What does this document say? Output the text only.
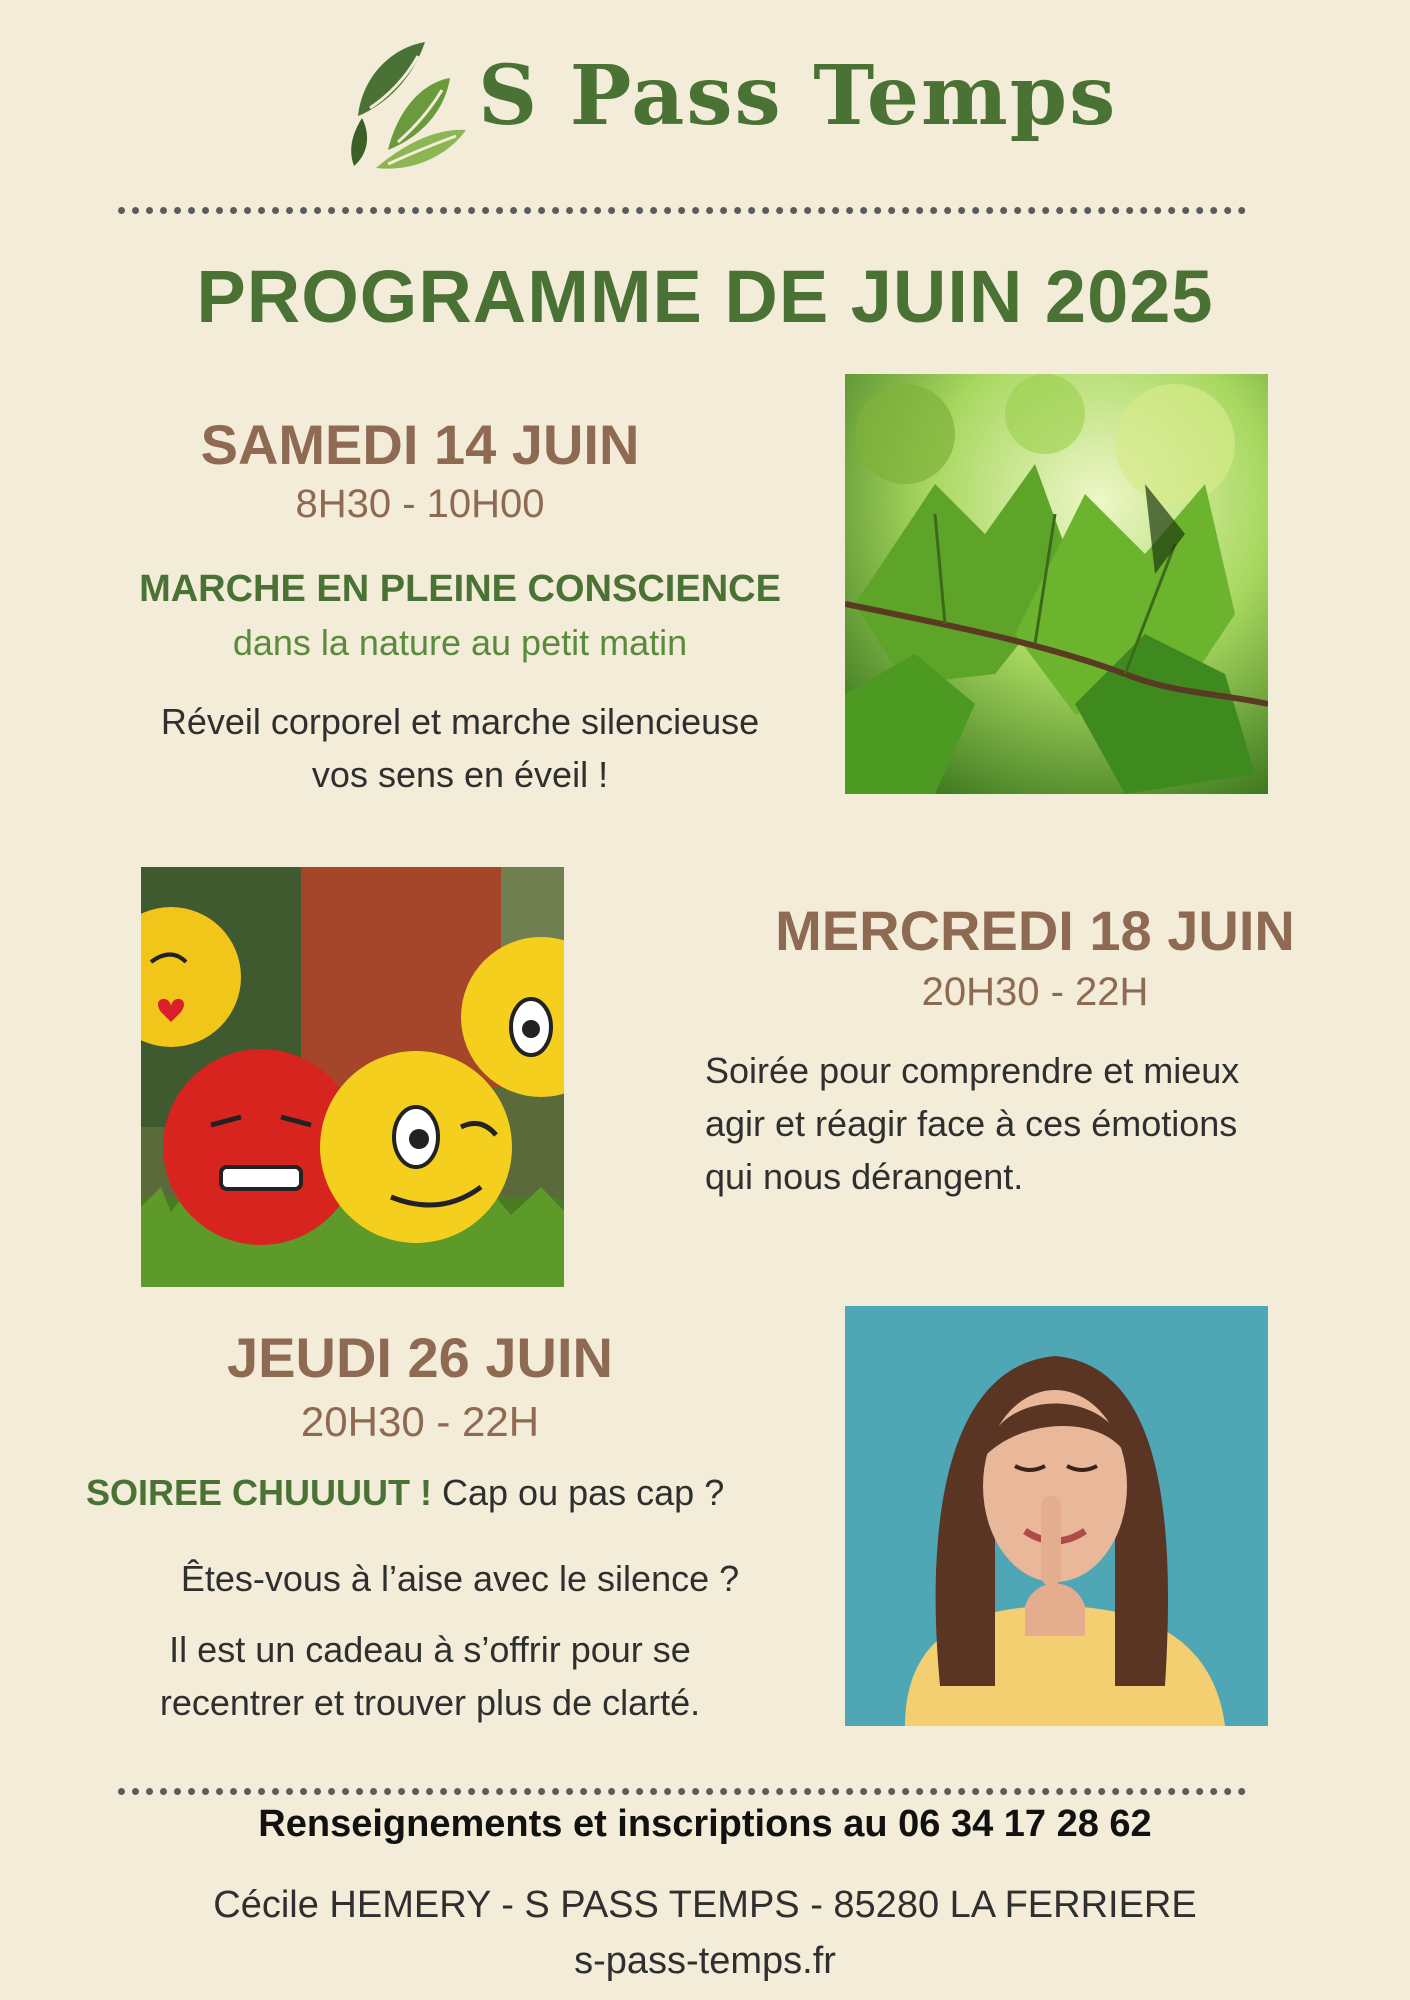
S Pass Temps
PROGRAMME DE JUIN 2025
SAMEDI 14 JUIN
8H30 - 10H00
MARCHE EN PLEINE CONSCIENCE
dans la nature au petit matin
Réveil corporel et marche silencieuse
vos sens en éveil !
MERCREDI 18 JUIN
20H30 - 22H
Soirée pour comprendre et mieux
agir et réagir face à ces émotions
qui nous dérangent.
JEUDI 26 JUIN
20H30 - 22H
SOIREE CHUUUUT ! Cap ou pas cap ?
Êtes-vous à l’aise avec le silence ?
Il est un cadeau à s’offrir pour se
recentrer et trouver plus de clarté.
Renseignements et inscriptions au 06 34 17 28 62
Cécile HEMERY - S PASS TEMPS - 85280 LA FERRIERE
s-pass-temps.fr
